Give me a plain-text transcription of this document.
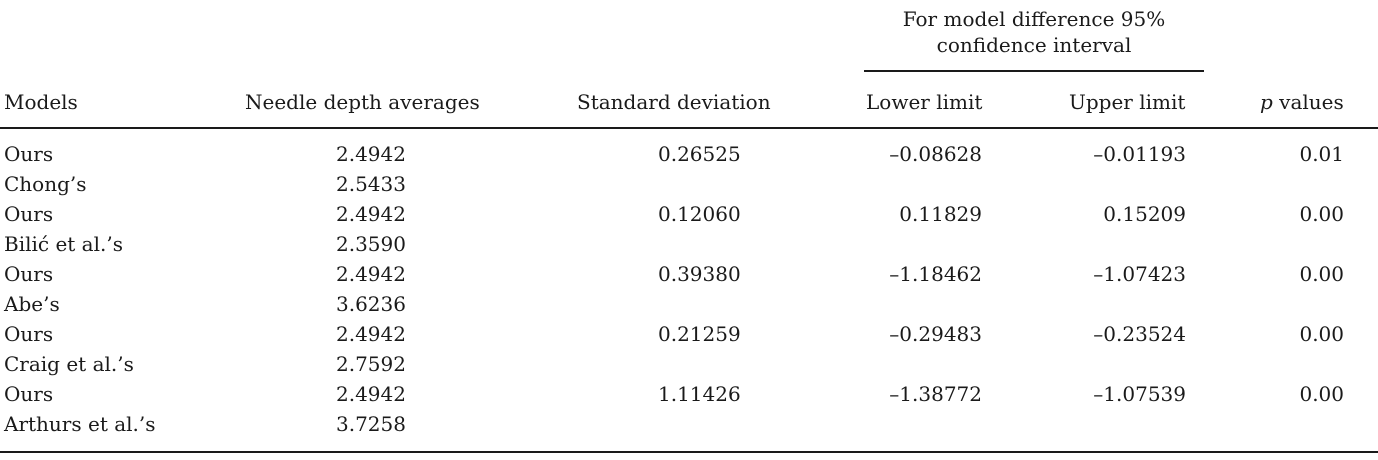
For model difference 95%
confidence interval
Models	Needle depth averages	Standard deviation	Lower limit	Upper limit	p values
Ours	2.4942	0.26525	–0.08628	–0.01193	0.01
Chong’s	2.5433
Ours	2.4942	0.12060	0.11829	0.15209	0.00
Bilić et al.’s	2.3590
Ours	2.4942	0.39380	–1.18462	–1.07423	0.00
Abe’s	3.6236
Ours	2.4942	0.21259	–0.29483	–0.23524	0.00
Craig et al.’s	2.7592
Ours	2.4942	1.11426	–1.38772	–1.07539	0.00
Arthurs et al.’s	3.7258
